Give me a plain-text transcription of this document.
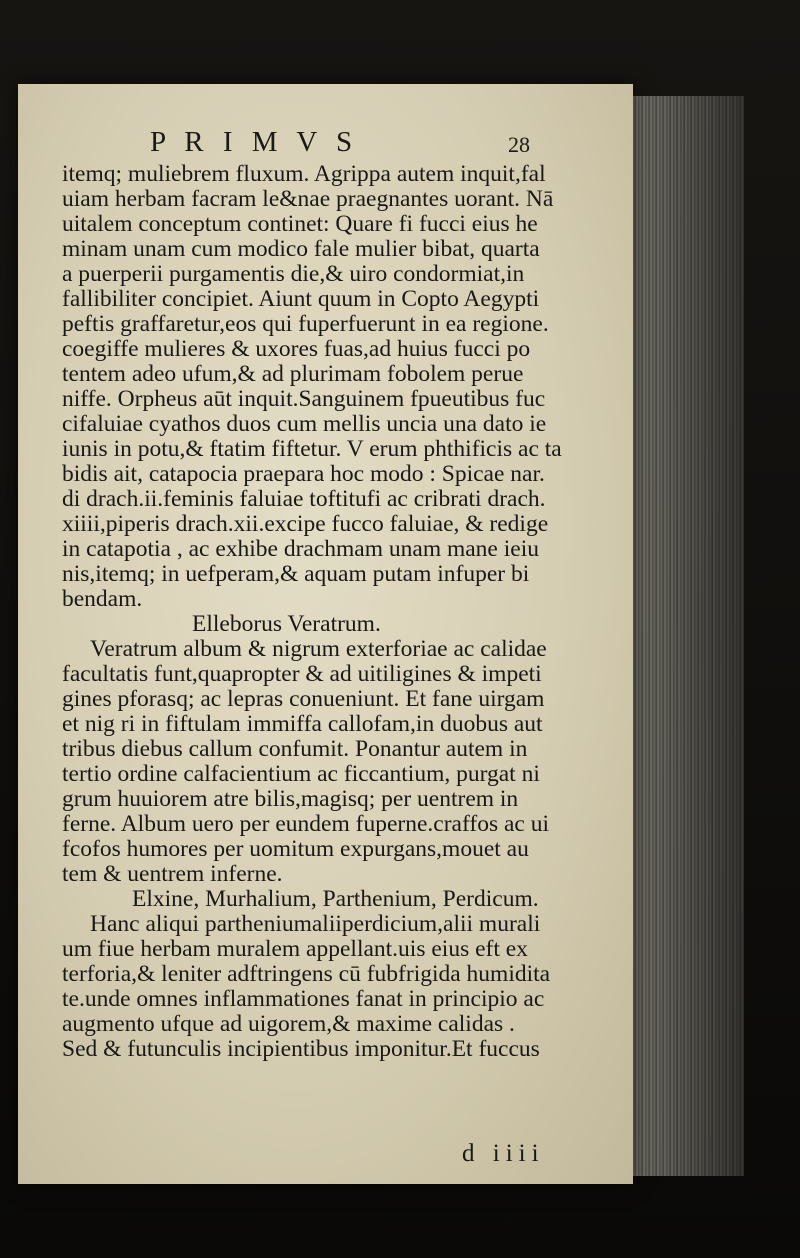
P R I M V S	28
itemq; muliebrem fluxum. Agrippa autem inquit,fal
uiam herbam facram le&nae praegnantes uorant. Nā
uitalem conceptum continet: Quare fi fucci eius he
minam unam cum modico fale mulier bibat, quarta
a puerperii purgamentis die,& uiro condormiat,in
fallibiliter concipiet. Aiunt quum in Copto Aegypti
peftis graffaretur,eos qui fuperfuerunt in ea regione.
coegiffe mulieres & uxores fuas,ad huius fucci po
tentem adeo ufum,& ad plurimam fobolem perue
niffe. Orpheus aūt inquit.Sanguinem fpueutibus fuc
cifaluiae cyathos duos cum mellis uncia una dato ie
iunis in potu,& ftatim fiftetur. V erum phthificis ac ta
bidis ait, catapocia praepara hoc modo : Spicae nar.
di drach.ii.feminis faluiae toftitufi ac cribrati drach.
xiiii,piperis drach.xii.excipe fucco faluiae, & redige
in catapotia , ac exhibe drachmam unam mane ieiu
nis,itemq; in uefperam,& aquam putam infuper bi
bendam.
Elleborus Veratrum.
Veratrum album & nigrum exterforiae ac calidae
facultatis funt,quapropter & ad uitiligines & impeti
gines pforasq; ac lepras conueniunt. Et fane uirgam
et nig ri in fiftulam immiffa callofam,in duobus aut
tribus diebus callum confumit. Ponantur autem in
tertio ordine calfacientium ac ficcantium, purgat ni
grum huuiorem atre bilis,magisq; per uentrem in
ferne. Album uero per eundem fuperne.craffos ac ui
fcofos humores per uomitum expurgans,mouet au
tem & uentrem inferne.
Elxine, Murhalium, Parthenium, Perdicum.
Hanc aliqui partheniumaliiperdicium,alii murali
um fiue herbam muralem appellant.uis eius eft ex
terforia,& leniter adftringens cū fubfrigida humidita
te.unde omnes inflammationes fanat in principio ac
augmento ufque ad uigorem,& maxime calidas .
Sed & futunculis incipientibus imponitur.Et fuccus
d iiii
